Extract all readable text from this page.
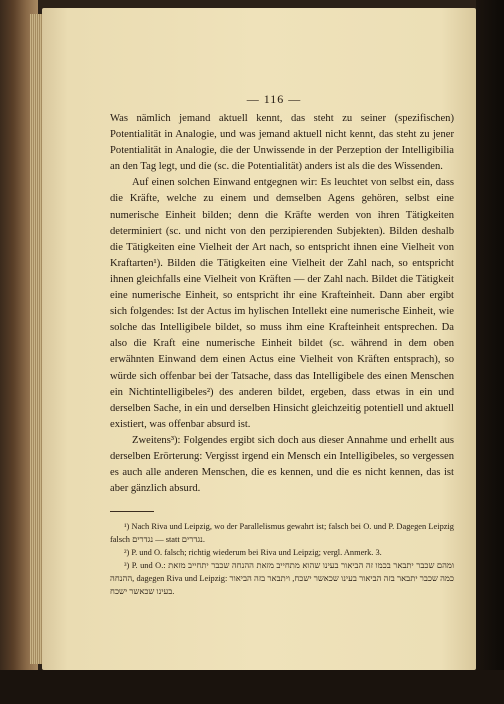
— 116 —

Was nämlich jemand aktuell kennt, das steht zu seiner (spezifischen) Potentialität in Analogie, und was jemand aktuell nicht kennt, das steht zu jener Potentialität in Analogie, die der Unwissende in der Perzeption der Intelligibilia an den Tag legt, und die (sc. die Potentialität) anders ist als die des Wissenden.

Auf einen solchen Einwand entgegnen wir: Es leuchtet von selbst ein, dass die Kräfte, welche zu einem und demselben Agens gehören, selbst eine numerische Einheit bilden; denn die Kräfte werden von ihren Tätigkeiten determiniert (sc. und nicht von den perzipierenden Subjekten). Bilden deshalb die Tätigkeiten eine Vielheit der Art nach, so entspricht ihnen eine Vielheit von Kraftarten¹). Bilden die Tätigkeiten eine Vielheit der Zahl nach, so entspricht ihnen gleichfalls eine Vielheit von Kräften — der Zahl nach. Bildet die Tätigkeit eine numerische Einheit, so entspricht ihr eine Krafteinheit. Dann aber ergibt sich folgendes: Ist der Actus im hylischen Intellekt eine numerische Einheit, wie solche das Intelligibele bildet, so muss ihm eine Krafteinheit entsprechen. Da also die Kraft eine numerische Einheit bildet (sc. während in dem oben erwähnten Einwand dem einen Actus eine Vielheit von Kräften entsprach), so würde sich offenbar bei der Tatsache, dass das Intelligibele des einen Menschen ein Nichtintelligibeles²) des anderen bildet, ergeben, dass etwas in ein und derselben Sache, in ein und derselben Hinsicht gleichzeitig potentiell und aktuell existiert, was offenbar absurd ist.

Zweitens³): Folgendes ergibt sich doch aus dieser Annahme und erhellt aus derselben Erörterung: Vergisst irgend ein Mensch ein Intelligibeles, so vergessen es auch alle anderen Menschen, die es kennen, und die es nicht kennen, das ist aber gänzlich absurd.

¹) Nach Riva und Leipzig, wo der Parallelismus gewahrt ist; falsch bei O. und P. Dagegen Leipzig falsch נגדרים — statt נגדרים.

²) P. und O. falsch; richtig wiederum bei Riva und Leipzig; vergl. Anmerk. 3.

³) P. und O.: ומהם שכבר יתבאר בכמו זה הביאור בעינו שהוא מתחייב מזאת ההנחה שכבר יתחייב מזאת ההנחה, dagegen Riva und Leipzig: כמה שכבר יתבאר בזה הביאור בעינו שכאשר ישכח, ויתבאר בזה הביאור בעינו שכאשר ישכח.
